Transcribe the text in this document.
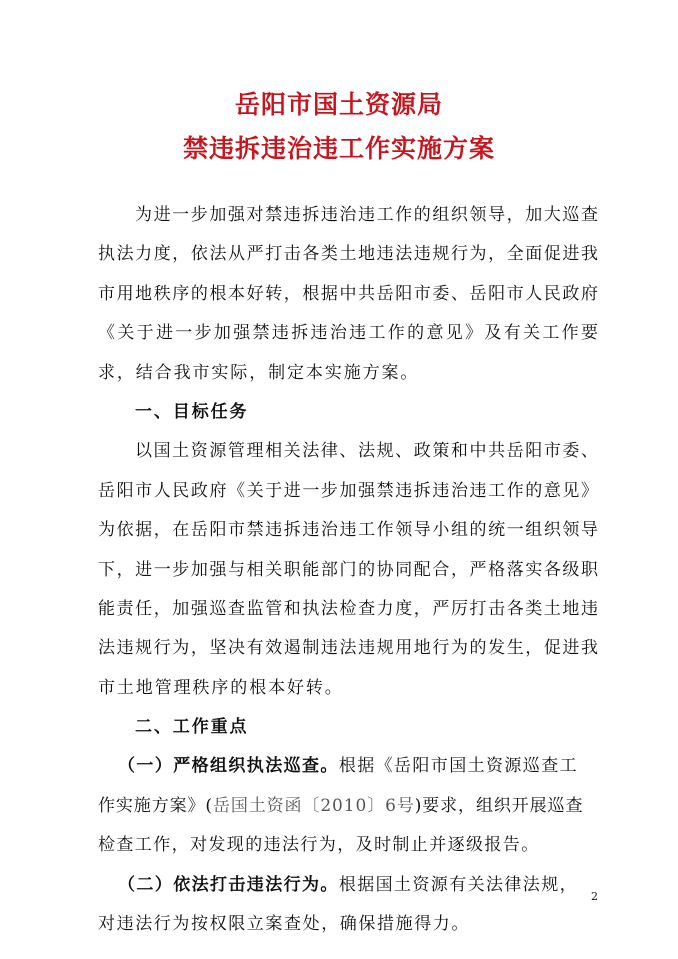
岳阳市国土资源局
禁违拆违治违工作实施方案
为进一步加强对禁违拆违治违工作的组织领导，加大巡查
执法力度，依法从严打击各类土地违法违规行为，全面促进我
市用地秩序的根本好转，根据中共岳阳市委、岳阳市人民政府
《关于进一步加强禁违拆违治违工作的意见》及有关工作要
求，结合我市实际，制定本实施方案。
一、目标任务
以国土资源管理相关法律、法规、政策和中共岳阳市委、
岳阳市人民政府《关于进一步加强禁违拆违治违工作的意见》
为依据，在岳阳市禁违拆违治违工作领导小组的统一组织领导
下，进一步加强与相关职能部门的协同配合，严格落实各级职
能责任，加强巡查监管和执法检查力度，严厉打击各类土地违
法违规行为，坚决有效遏制违法违规用地行为的发生，促进我
市土地管理秩序的根本好转。
二、工作重点
（一）严格组织执法巡查。根据《岳阳市国土资源巡查工
作实施方案》(岳国土资函〔2010〕6号)要求，组织开展巡查
检查工作，对发现的违法行为，及时制止并逐级报告。
（二）依法打击违法行为。根据国土资源有关法律法规，
对违法行为按权限立案查处，确保措施得力。
2
